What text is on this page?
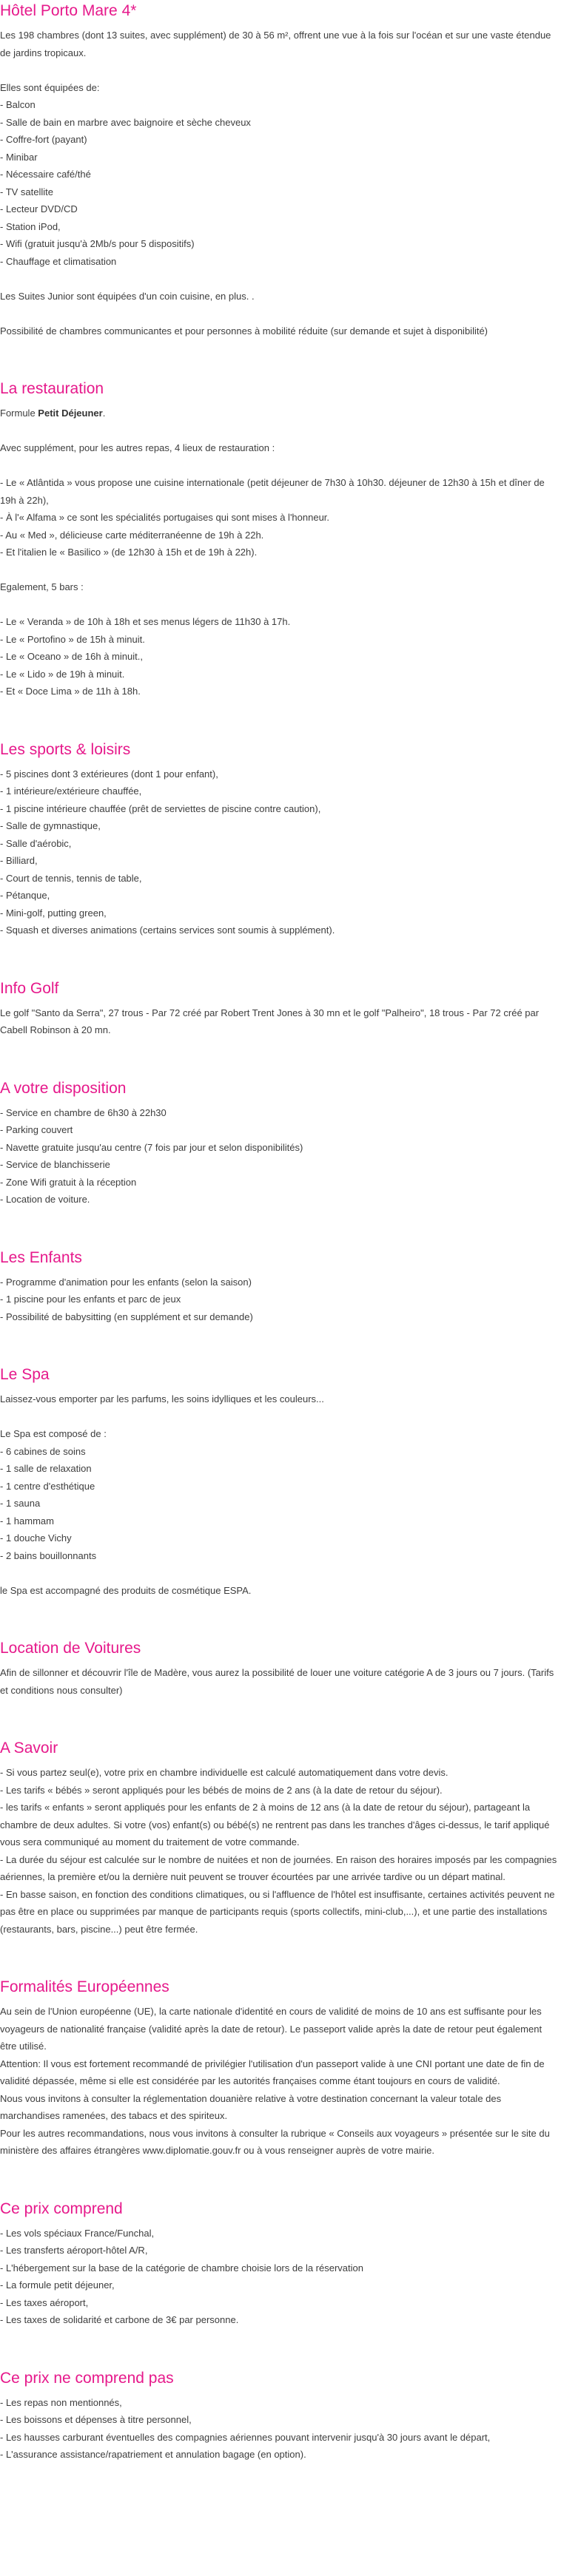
Hôtel Porto Mare 4*

Les 198 chambres (dont 13 suites, avec supplément) de 30 à 56 m², offrent une vue à la fois sur l'océan et sur une vaste étendue de jardins tropicaux.

Elles sont équipées de:

- Balcon

- Salle de bain en marbre avec baignoire et sèche cheveux

- Coffre-fort (payant)

- Minibar

- Nécessaire café/thé

- TV satellite

- Lecteur DVD/CD

- Station iPod,

- Wifi (gratuit jusqu'à 2Mb/s pour 5 dispositifs)

- Chauffage et climatisation

Les Suites Junior sont équipées d'un coin cuisine, en plus. .

Possibilité de chambres communicantes et pour personnes à mobilité réduite (sur demande et sujet à disponibilité)

La restauration

Formule Petit Déjeuner.

Avec supplément, pour les autres repas, 4 lieux de restauration :

- Le « Atlântida » vous propose une cuisine internationale (petit déjeuner de 7h30 à 10h30. déjeuner de 12h30 à 15h et dîner de 19h à 22h),

- À l'« Alfama » ce sont les spécialités portugaises qui sont mises à l'honneur.

- Au « Med », délicieuse carte méditerranéenne de 19h à 22h.

- Et l'italien le « Basilico » (de 12h30 à 15h et de 19h à 22h).

Egalement, 5 bars :

- Le « Veranda » de 10h à 18h et ses menus légers de 11h30 à 17h.

- Le « Portofino » de 15h à minuit.

- Le « Oceano » de 16h à minuit.,

- Le « Lido » de 19h à minuit.

- Et « Doce Lima » de 11h à 18h.

Les sports & loisirs

- 5 piscines dont 3 extérieures (dont 1 pour enfant),

- 1 intérieure/extérieure chauffée,

- 1 piscine intérieure chauffée (prêt de serviettes de piscine contre caution),

- Salle de gymnastique,

- Salle d'aérobic,

- Billiard,

- Court de tennis, tennis de table,

- Pétanque,

- Mini-golf, putting green,

- Squash et diverses animations (certains services sont soumis à supplément).

Info Golf

Le golf "Santo da Serra", 27 trous - Par 72 créé par Robert Trent Jones à 30 mn et le golf "Palheiro", 18 trous - Par 72 créé par Cabell Robinson à 20 mn.

A votre disposition

- Service en chambre de 6h30 à 22h30

- Parking couvert

- Navette gratuite jusqu'au centre (7 fois par jour et selon disponibilités)

- Service de blanchisserie

- Zone Wifi gratuit à la réception

- Location de voiture.

Les Enfants

- Programme d'animation pour les enfants (selon la saison)

- 1 piscine pour les enfants et parc de jeux

- Possibilité de babysitting (en supplément et sur demande)

Le Spa

Laissez-vous emporter par les parfums, les soins idylliques et les couleurs...

Le Spa est composé de :

- 6 cabines de soins

- 1 salle de relaxation

- 1 centre d'esthétique

- 1 sauna

- 1 hammam

- 1 douche Vichy

- 2 bains bouillonnants

le Spa est accompagné des produits de cosmétique ESPA.

Location de Voitures

Afin de sillonner et découvrir l'île de Madère, vous aurez la possibilité de louer une voiture catégorie A de 3 jours ou 7 jours. (Tarifs et conditions nous consulter)

A Savoir

- Si vous partez seul(e), votre prix en chambre individuelle est calculé automatiquement dans votre devis.

- Les tarifs « bébés » seront appliqués pour les bébés de moins de 2 ans (à la date de retour du séjour).

- les tarifs « enfants » seront appliqués pour les enfants de 2 à moins de 12 ans (à la date de retour du séjour), partageant la chambre de deux adultes. Si votre (vos) enfant(s) ou bébé(s) ne rentrent pas dans les tranches d'âges ci-dessus, le tarif appliqué vous sera communiqué au moment du traitement de votre commande.

- La durée du séjour est calculée sur le nombre de nuitées et non de journées. En raison des horaires imposés par les compagnies aériennes, la première et/ou la dernière nuit peuvent se trouver écourtées par une arrivée tardive ou un départ matinal.

- En basse saison, en fonction des conditions climatiques, ou si l'affluence de l'hôtel est insuffisante, certaines activités peuvent ne pas être en place ou supprimées par manque de participants requis (sports collectifs, mini-club,...), et une partie des installations (restaurants, bars, piscine...) peut être fermée.

Formalités Européennes

Au sein de l'Union européenne (UE), la carte nationale d'identité en cours de validité de moins de 10 ans est suffisante pour les voyageurs de nationalité française (validité après la date de retour). Le passeport valide après la date de retour peut également être utilisé.

Attention: Il vous est fortement recommandé de privilégier l'utilisation d'un passeport valide à une CNI portant une date de fin de validité dépassée, même si elle est considérée par les autorités françaises comme étant toujours en cours de validité.

Nous vous invitons à consulter la réglementation douanière relative à votre destination concernant la valeur totale des marchandises ramenées, des tabacs et des spiriteux.

Pour les autres recommandations, nous vous invitons à consulter la rubrique « Conseils aux voyageurs » présentée sur le site du ministère des affaires étrangères www.diplomatie.gouv.fr ou à vous renseigner auprès de votre mairie.

Ce prix comprend

- Les vols spéciaux France/Funchal,

- Les transferts aéroport-hôtel A/R,

- L'hébergement sur la base de la catégorie de chambre choisie lors de la réservation

- La formule petit déjeuner,

- Les taxes aéroport,

- Les taxes de solidarité et carbone de 3€ par personne.

Ce prix ne comprend pas

- Les repas non mentionnés,

- Les boissons et dépenses à titre personnel,

- Les hausses carburant éventuelles des compagnies aériennes pouvant intervenir jusqu'à 30 jours avant le départ,

- L'assurance assistance/rapatriement et annulation bagage (en option).
